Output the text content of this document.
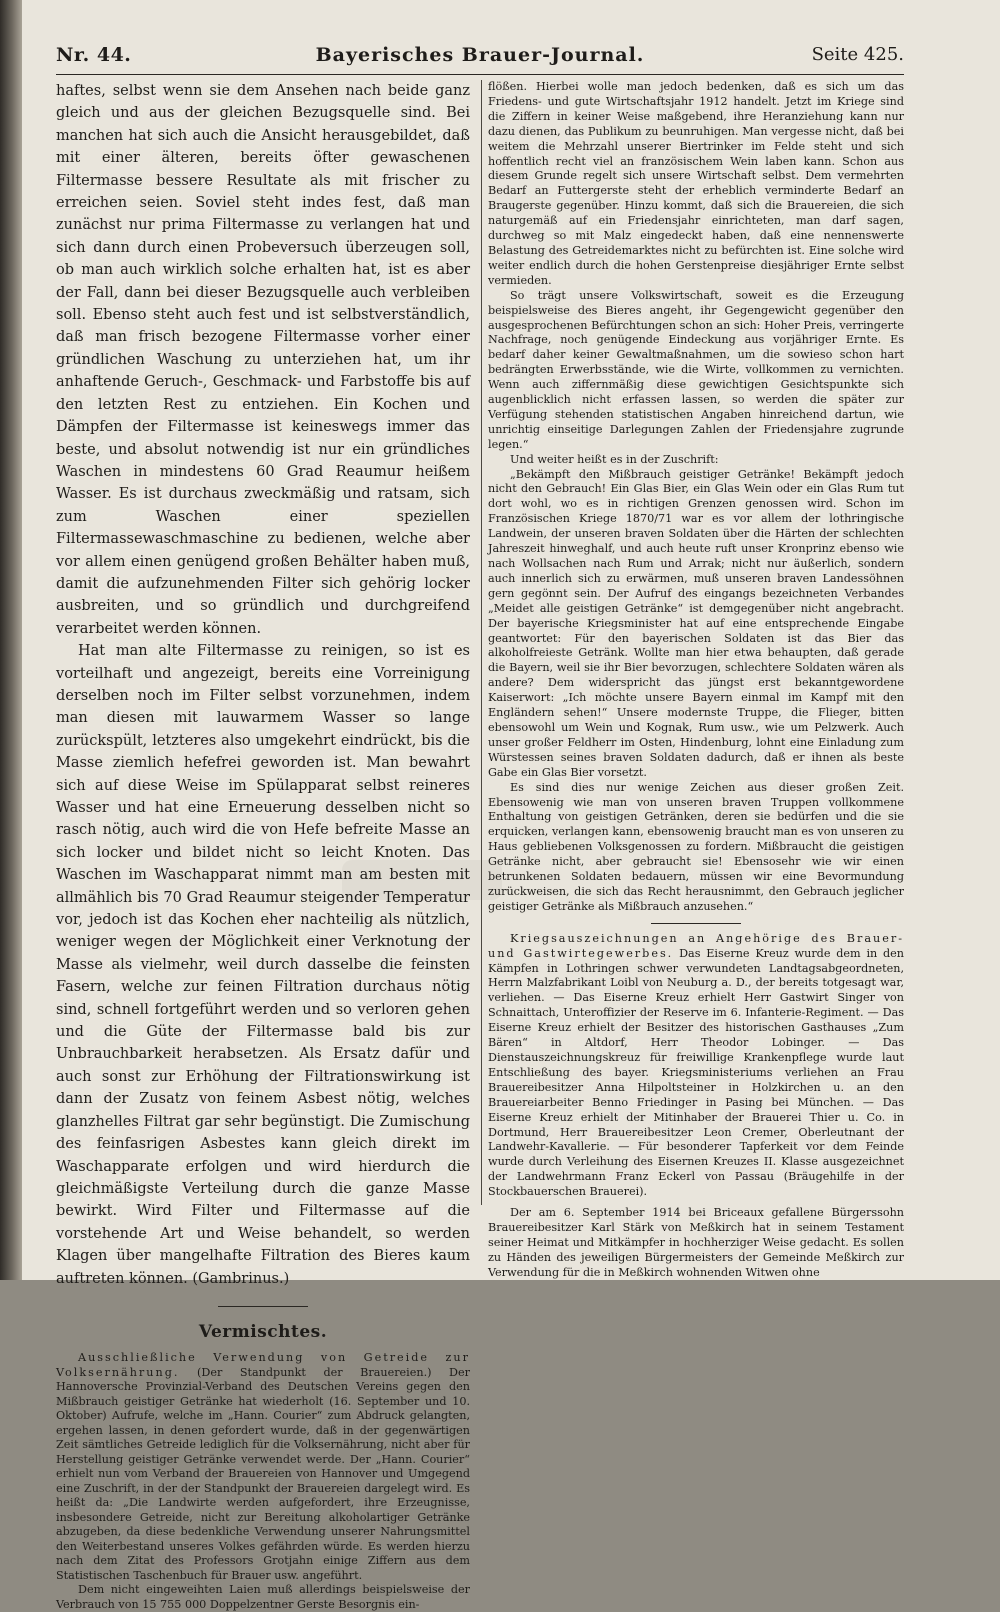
Bayerisches Brauer-Journal.
Nr. 44.	Seite 425.

haftes, selbst wenn sie dem Ansehen nach beide ganz gleich und aus der gleichen Bezugsquelle sind. Bei manchen hat sich auch die Ansicht herausgebildet, daß mit einer älteren, bereits öfter gewaschenen Filtermasse bessere Resultate als mit frischer zu erreichen seien. Soviel steht indes fest, daß man zunächst nur prima Filtermasse zu verlangen hat und sich dann durch einen Probeversuch überzeugen soll, ob man auch wirklich solche erhalten hat, ist es aber der Fall, dann bei dieser Bezugsquelle auch verbleiben soll. Ebenso steht auch fest und ist selbstverständlich, daß man frisch bezogene Filtermasse vorher einer gründlichen Waschung zu unterziehen hat, um ihr anhaftende Geruch-, Geschmack- und Farbstoffe bis auf den letzten Rest zu entziehen. Ein Kochen und Dämpfen der Filtermasse ist keineswegs immer das beste, und absolut notwendig ist nur ein gründliches Waschen in mindestens 60 Grad Reaumur heißem Wasser. Es ist durchaus zweckmäßig und ratsam, sich zum Waschen einer speziellen Filtermassewaschmaschine zu bedienen, welche aber vor allem einen genügend großen Behälter haben muß, damit die aufzunehmenden Filter sich gehörig locker ausbreiten, und so gründlich und durchgreifend verarbeitet werden können.

Hat man alte Filtermasse zu reinigen, so ist es vorteilhaft und angezeigt, bereits eine Vorreinigung derselben noch im Filter selbst vorzunehmen, indem man diesen mit lauwarmem Wasser so lange zurückspült, letzteres also umgekehrt eindrückt, bis die Masse ziemlich hefefrei geworden ist. Man bewahrt sich auf diese Weise im Spülapparat selbst reineres Wasser und hat eine Erneuerung desselben nicht so rasch nötig, auch wird die von Hefe befreite Masse an sich locker und bildet nicht so leicht Knoten. Das Waschen im Waschapparat nimmt man am besten mit allmählich bis 70 Grad Reaumur steigender Temperatur vor, jedoch ist das Kochen eher nachteilig als nützlich, weniger wegen der Möglichkeit einer Verknotung der Masse als vielmehr, weil durch dasselbe die feinsten Fasern, welche zur feinen Filtration durchaus nötig sind, schnell fortgeführt werden und so verloren gehen und die Güte der Filtermasse bald bis zur Unbrauchbarkeit herabsetzen. Als Ersatz dafür und auch sonst zur Erhöhung der Filtrationswirkung ist dann der Zusatz von feinem Asbest nötig, welches glanzhelles Filtrat gar sehr begünstigt. Die Zumischung des feinfasrigen Asbestes kann gleich direkt im Waschapparate erfolgen und wird hierdurch die gleichmäßigste Verteilung durch die ganze Masse bewirkt. Wird Filter und Filtermasse auf die vorstehende Art und Weise behandelt, so werden Klagen über mangelhafte Filtration des Bieres kaum auftreten können. (Gambrinus.)

Vermischtes.

Ausschließliche Verwendung von Getreide zur Volksernährung. (Der Standpunkt der Brauereien.) Der Hannoversche Provinzial-Verband des Deutschen Vereins gegen den Mißbrauch geistiger Getränke hat wiederholt (16. September und 10. Oktober) Aufrufe, welche im „Hann. Courier“ zum Abdruck gelangten, ergehen lassen, in denen gefordert wurde, daß in der gegenwärtigen Zeit sämtliches Getreide lediglich für die Volksernährung, nicht aber für Herstellung geistiger Getränke verwendet werde. Der „Hann. Courier“ erhielt nun vom Verband der Brauereien von Hannover und Umgegend eine Zuschrift, in der der Standpunkt der Brauereien dargelegt wird. Es heißt da: „Die Landwirte werden aufgefordert, ihre Erzeugnisse, insbesondere Getreide, nicht zur Bereitung alkoholartiger Getränke abzugeben, da diese bedenkliche Verwendung unserer Nahrungsmittel den Weiterbestand unseres Volkes gefährden würde. Es werden hierzu nach dem Zitat des Professors Grotjahn einige Ziffern aus dem Statistischen Taschenbuch für Brauer usw. angeführt.

Dem nicht eingeweihten Laien muß allerdings beispielsweise der Verbrauch von 15 755 000 Doppelzentner Gerste Besorgnis ein-

flößen. Hierbei wolle man jedoch bedenken, daß es sich um das Friedens- und gute Wirtschaftsjahr 1912 handelt. Jetzt im Kriege sind die Ziffern in keiner Weise maßgebend, ihre Heranziehung kann nur dazu dienen, das Publikum zu beunruhigen. Man vergesse nicht, daß bei weitem die Mehrzahl unserer Biertrinker im Felde steht und sich hoffentlich recht viel an französischem Wein laben kann. Schon aus diesem Grunde regelt sich unsere Wirtschaft selbst. Dem vermehrten Bedarf an Futtergerste steht der erheblich verminderte Bedarf an Braugerste gegenüber. Hinzu kommt, daß sich die Brauereien, die sich naturgemäß auf ein Friedensjahr einrichteten, man darf sagen, durchweg so mit Malz eingedeckt haben, daß eine nennenswerte Belastung des Getreidemarktes nicht zu befürchten ist. Eine solche wird weiter endlich durch die hohen Gerstenpreise diesjähriger Ernte selbst vermieden.

So trägt unsere Volkswirtschaft, soweit es die Erzeugung beispielsweise des Bieres angeht, ihr Gegengewicht gegenüber den ausgesprochenen Befürchtungen schon an sich: Hoher Preis, verringerte Nachfrage, noch genügende Eindeckung aus vorjähriger Ernte. Es bedarf daher keiner Gewaltmaßnahmen, um die sowieso schon hart bedrängten Erwerbsstände, wie die Wirte, vollkommen zu vernichten. Wenn auch ziffernmäßig diese gewichtigen Gesichtspunkte sich augenblicklich nicht erfassen lassen, so werden die später zur Verfügung stehenden statistischen Angaben hinreichend dartun, wie unrichtig einseitige Darlegungen Zahlen der Friedensjahre zugrunde legen.“

Und weiter heißt es in der Zuschrift:

„Bekämpft den Mißbrauch geistiger Getränke! Bekämpft jedoch nicht den Gebrauch! Ein Glas Bier, ein Glas Wein oder ein Glas Rum tut dort wohl, wo es in richtigen Grenzen genossen wird. Schon im Französischen Kriege 1870/71 war es vor allem der lothringische Landwein, der unseren braven Soldaten über die Härten der schlechten Jahreszeit hinweghalf, und auch heute ruft unser Kronprinz ebenso wie nach Wollsachen nach Rum und Arrak; nicht nur äußerlich, sondern auch innerlich sich zu erwärmen, muß unseren braven Landessöhnen gern gegönnt sein. Der Aufruf des eingangs bezeichneten Verbandes „Meidet alle geistigen Getränke“ ist demgegenüber nicht angebracht. Der bayerische Kriegsminister hat auf eine entsprechende Eingabe geantwortet: Für den bayerischen Soldaten ist das Bier das alkoholfreieste Getränk. Wollte man hier etwa behaupten, daß gerade die Bayern, weil sie ihr Bier bevorzugen, schlechtere Soldaten wären als andere? Dem widerspricht das jüngst erst bekanntgewordene Kaiserwort: „Ich möchte unsere Bayern einmal im Kampf mit den Engländern sehen!“ Unsere modernste Truppe, die Flieger, bitten ebensowohl um Wein und Kognak, Rum usw., wie um Pelzwerk. Auch unser großer Feldherr im Osten, Hindenburg, lohnt eine Einladung zum Würstessen seines braven Soldaten dadurch, daß er ihnen als beste Gabe ein Glas Bier vorsetzt.

Es sind dies nur wenige Zeichen aus dieser großen Zeit. Ebensowenig wie man von unseren braven Truppen vollkommene Enthaltung von geistigen Getränken, deren sie bedürfen und die sie erquicken, verlangen kann, ebensowenig braucht man es von unseren zu Haus gebliebenen Volksgenossen zu fordern. Mißbraucht die geistigen Getränke nicht, aber gebraucht sie! Ebensosehr wie wir einen betrunkenen Soldaten bedauern, müssen wir eine Bevormundung zurückweisen, die sich das Recht herausnimmt, den Gebrauch jeglicher geistiger Getränke als Mißbrauch anzusehen.“

Kriegsauszeichnungen an Angehörige des Brauer- und Gastwirtegewerbes. Das Eiserne Kreuz wurde dem in den Kämpfen in Lothringen schwer verwundeten Landtagsabgeordneten, Herrn Malzfabrikant Loibl von Neuburg a. D., der bereits totgesagt war, verliehen. — Das Eiserne Kreuz erhielt Herr Gastwirt Singer von Schnaittach, Unteroffizier der Reserve im 6. Infanterie-Regiment. — Das Eiserne Kreuz erhielt der Besitzer des historischen Gasthauses „Zum Bären“ in Altdorf, Herr Theodor Lobinger. — Das Dienstauszeichnungskreuz für freiwillige Krankenpflege wurde laut Entschließung des bayer. Kriegsministeriums verliehen an Frau Brauereibesitzer Anna Hilpoltsteiner in Holzkirchen u. an den Brauereiarbeiter Benno Friedinger in Pasing bei München. — Das Eiserne Kreuz erhielt der Mitinhaber der Brauerei Thier u. Co. in Dortmund, Herr Brauereibesitzer Leon Cremer, Oberleutnant der Landwehr-Kavallerie. — Für besonderer Tapferkeit vor dem Feinde wurde durch Verleihung des Eisernen Kreuzes II. Klasse ausgezeichnet der Landwehrmann Franz Eckerl von Passau (Bräugehilfe in der Stockbauerschen Brauerei).

Der am 6. September 1914 bei Briceaux gefallene Bürgerssohn Brauereibesitzer Karl Stärk von Meßkirch hat in seinem Testament seiner Heimat und Mitkämpfer in hochherziger Weise gedacht. Es sollen zu Händen des jeweiligen Bürgermeisters der Gemeinde Meßkirch zur Verwendung für die in Meßkirch wohnenden Witwen ohne
